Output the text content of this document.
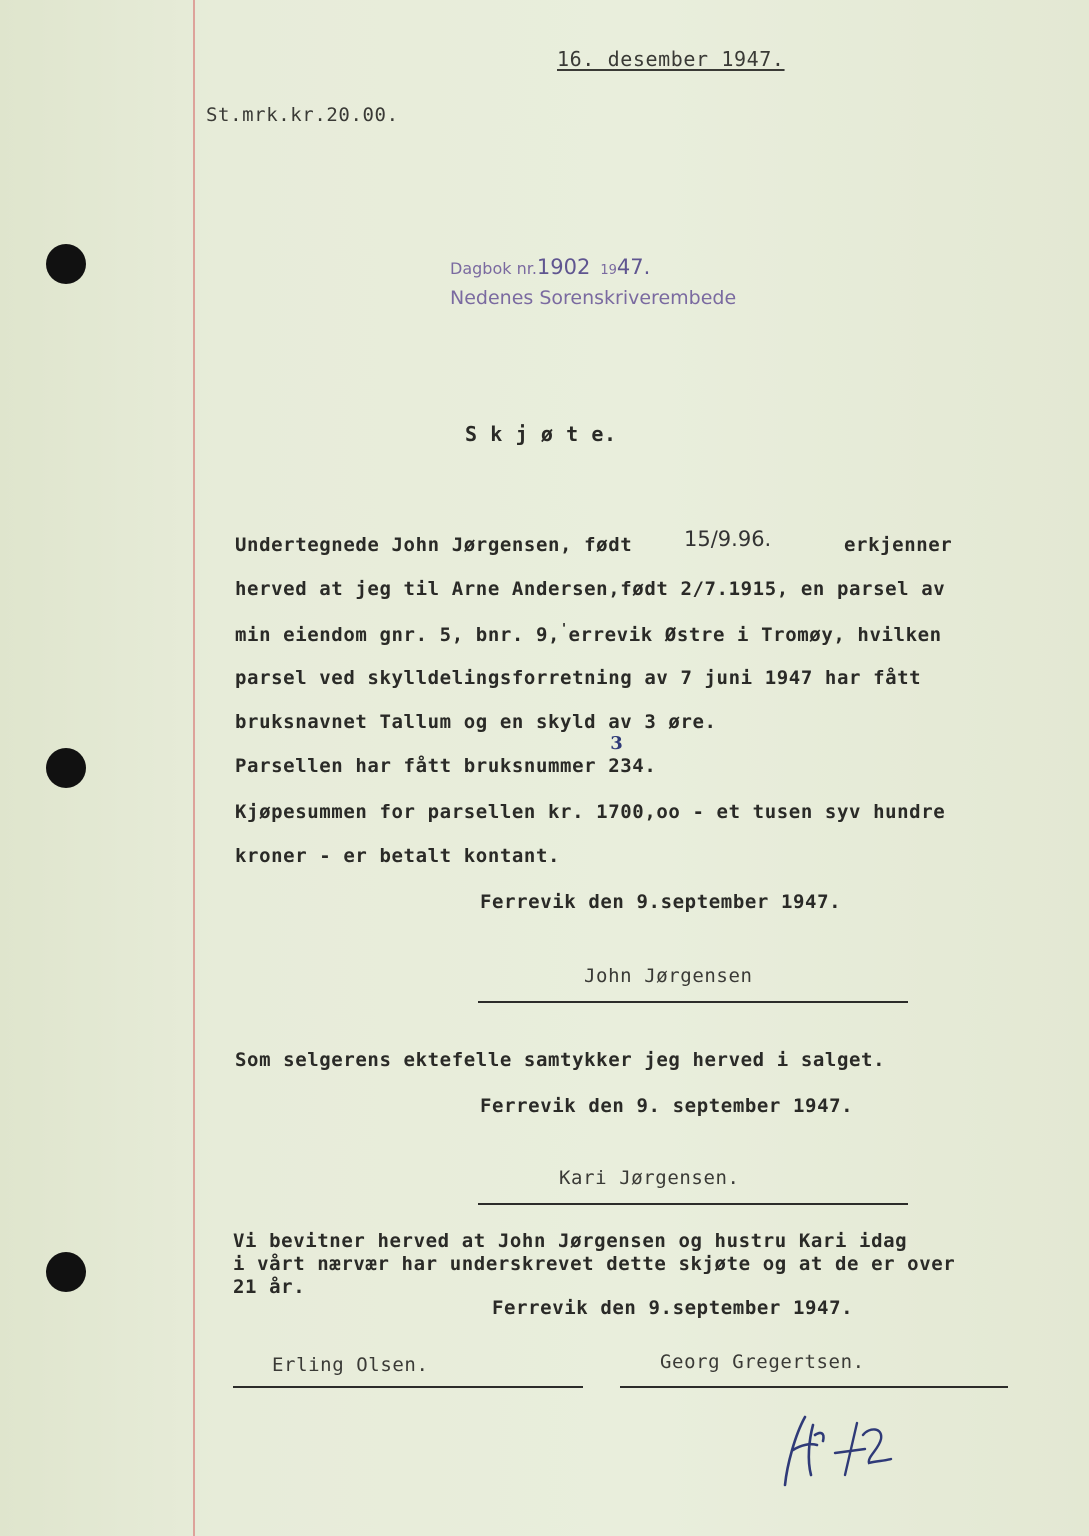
16. desember 1947.
St.mrk.kr.20.00.
Dagbok nr.1902 1947.
Nedenes Sorenskriverembede
S k j ø t e.
Undertegnede John Jørgensen, født 15/9.96.	erkjenner
herved at jeg til Arne Andersen,født 2/7.1915, en parsel av
min eiendom gnr. 5, bnr. 9,'errevik Østre i Tromøy, hvilken
parsel ved skylldelingsforretning av 7 juni 1947 har fått
bruksnavnet Tallum og en skyld av 3 øre.
Parsellen har fått bruksnummer
3
234.
Kjøpesummen for parsellen kr. 1700,oo - et tusen syv hundre
kroner - er betalt kontant.
Ferrevik den 9.september 1947.
John Jørgensen
Som selgerens ektefelle samtykker jeg herved i salget.
Ferrevik den 9. september 1947.
Kari Jørgensen.
Vi bevitner herved at John Jørgensen og hustru Kari idag
i vårt nærvær har underskrevet dette skjøte og at de er over
21 år.
Ferrevik den 9.september 1947.
Erling Olsen.	Georg Gregertsen.
